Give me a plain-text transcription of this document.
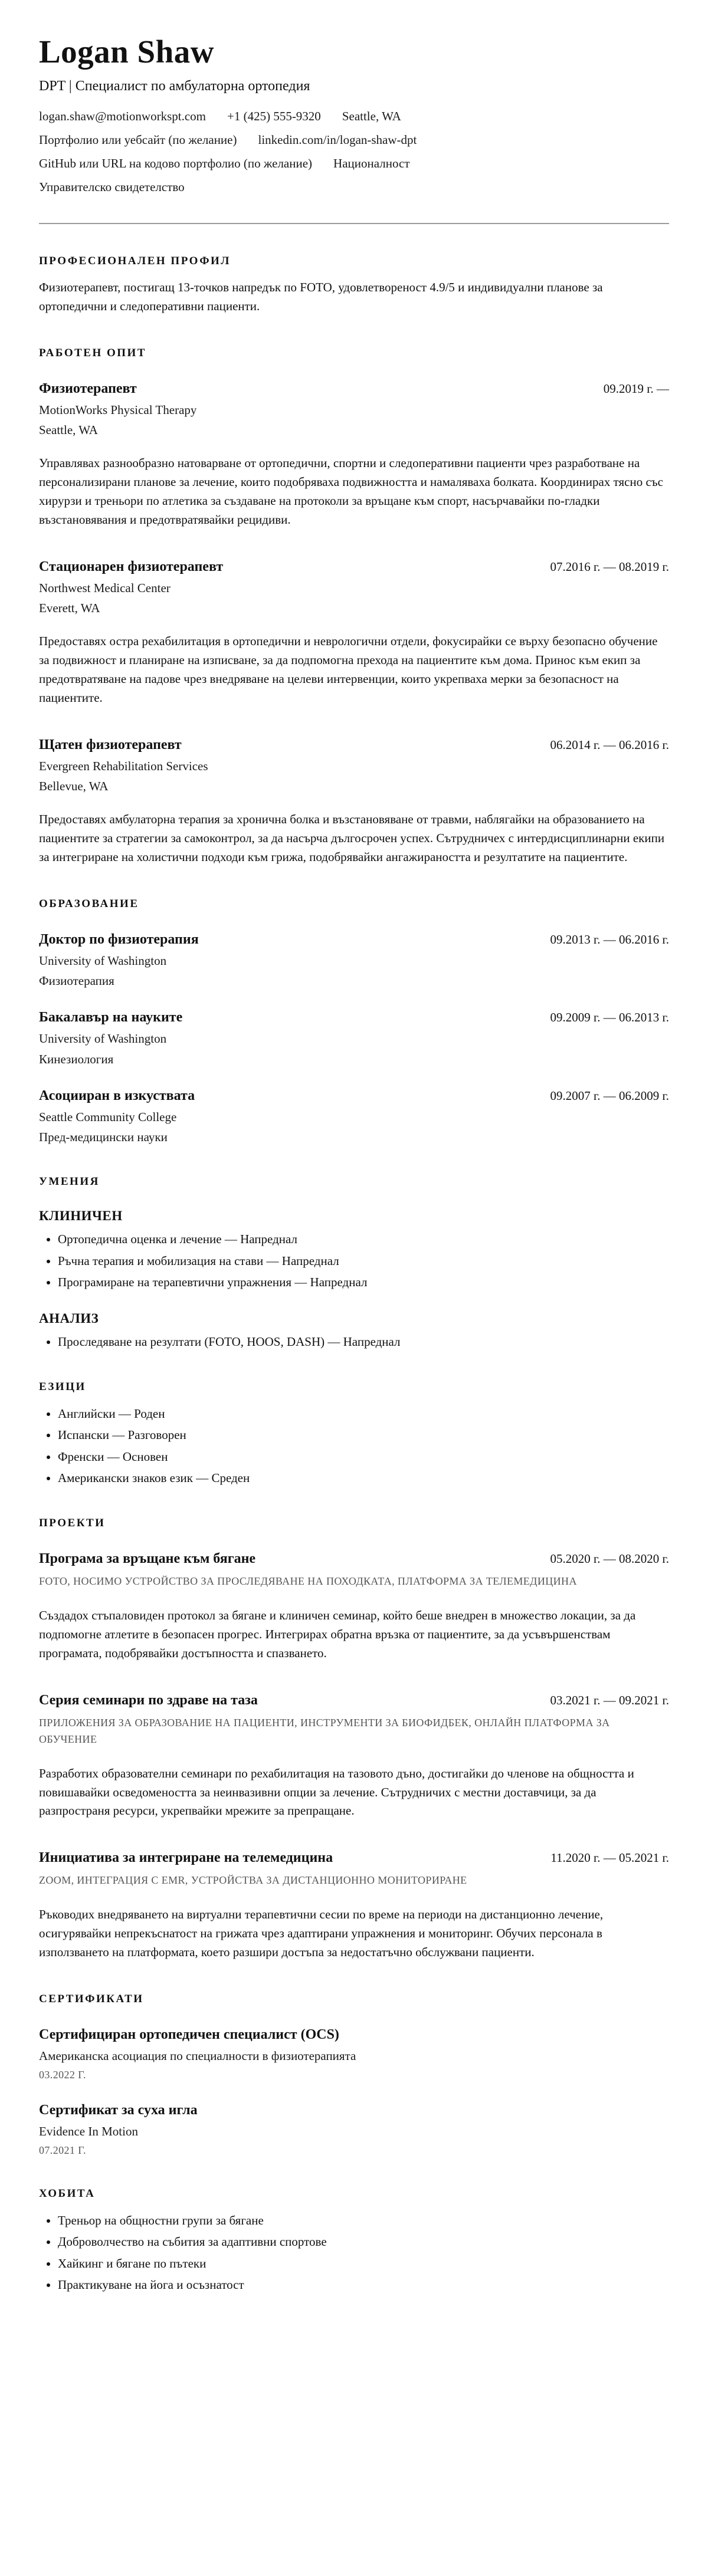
Logan Shaw
DPT | Специалист по амбулаторна ортопедия
logan.shaw@motionworkspt.com +1 (425) 555-9320 Seattle, WA
Портфолио или уебсайт (по желание) linkedin.com/in/logan-shaw-dpt
GitHub или URL на кодово портфолио (по желание) Националност
Управителско свидетелство
ПРОФЕСИОНАЛЕН ПРОФИЛ

Физиотерапевт, постигащ 13-точков напредък по FOTO, удовлетвореност 4.9/5 и индивидуални планове за ортопедични и следоперативни пациенти.

РАБОТЕН ОПИТ
Физиотерапевт	09.2019 г. —
MotionWorks Physical Therapy
Seattle, WA

Управлявах разнообразно натоварване от ортопедични, спортни и следоперативни пациенти чрез разработване на персонализирани планове за лечение, които подобряваха подвижността и намаляваха болката. Координирах тясно със хирурзи и треньори по атлетика за създаване на протоколи за връщане към спорт, насърчавайки по-гладки възстановявания и предотвратявайки рецидиви.

Стационарен физиотерапевт	07.2016 г. — 08.2019 г.
Northwest Medical Center
Everett, WA

Предоставях остра рехабилитация в ортопедични и неврологични отдели, фокусирайки се върху безопасно обучение за подвижност и планиране на изписване, за да подпомогна прехода на пациентите към дома. Принос към екип за предотвратяване на падове чрез внедряване на целеви интервенции, които укрепваха мерки за безопасност на пациентите.

Щатен физиотерапевт	06.2014 г. — 06.2016 г.
Evergreen Rehabilitation Services
Bellevue, WA

Предоставях амбулаторна терапия за хронична болка и възстановяване от травми, наблягайки на образованието на пациентите за стратегии за самоконтрол, за да насърча дългосрочен успех. Сътрудничех с интердисциплинарни екипи за интегриране на холистични подходи към грижа, подобрявайки ангажираността и резултатите на пациентите.

ОБРАЗОВАНИЕ
Доктор по физиотерапия	09.2013 г. — 06.2016 г.
University of Washington
Физиотерапия
Бакалавър на науките	09.2009 г. — 06.2013 г.
University of Washington
Кинезиология
Асоцииран в изкуствата	09.2007 г. — 06.2009 г.
Seattle Community College
Пред-медицински науки
УМЕНИЯ
КЛИНИЧЕН
• Ортопедична оценка и лечение — Напреднал
• Ръчна терапия и мобилизация на стави — Напреднал
• Програмиране на терапевтични упражнения — Напреднал
АНАЛИЗ
• Проследяване на резултати (FOTO, HOOS, DASH) — Напреднал
ЕЗИЦИ
• Английски — Роден
• Испански — Разговорен
• Френски — Основен
• Американски знаков език — Среден
ПРОЕКТИ
Програма за връщане към бягане	05.2020 г. — 08.2020 г.
FOTO, НОСИМО УСТРОЙСТВО ЗА ПРОСЛЕДЯВАНЕ НА ПОХОДКАТА, ПЛАТФОРМА ЗА ТЕЛЕМЕДИЦИНА

Създадох стъпаловиден протокол за бягане и клиничен семинар, който беше внедрен в множество локации, за да подпомогне атлетите в безопасен прогрес. Интегрирах обратна връзка от пациентите, за да усъвършенствам програмата, подобрявайки достъпността и спазването.

Серия семинари по здраве на таза	03.2021 г. — 09.2021 г.
ПРИЛОЖЕНИЯ ЗА ОБРАЗОВАНИЕ НА ПАЦИЕНТИ, ИНСТРУМЕНТИ ЗА БИОФИДБЕК, ОНЛАЙН ПЛАТФОРМА ЗА ОБУЧЕНИЕ

Разработих образователни семинари по рехабилитация на тазовото дъно, достигайки до членове на общността и повишавайки осведомеността за неинвазивни опции за лечение. Сътрудничих с местни доставчици, за да разпространя ресурси, укрепвайки мрежите за препращане.

Инициатива за интегриране на телемедицина	11.2020 г. — 05.2021 г.
ZOOM, ИНТЕГРАЦИЯ С EMR, УСТРОЙСТВА ЗА ДИСТАНЦИОННО МОНИТОРИРАНЕ

Ръководих внедряването на виртуални терапевтични сесии по време на периоди на дистанционно лечение, осигурявайки непрекъснатост на грижата чрез адаптирани упражнения и мониторинг. Обучих персонала в използването на платформата, което разшири достъпа за недостатъчно обслужвани пациенти.

СЕРТИФИКАТИ
Сертифициран ортопедичен специалист (OCS)
Американска асоциация по специалности в физиотерапията
03.2022 Г.
Сертификат за суха игла
Evidence In Motion
07.2021 Г.
ХОБИТА
• Треньор на общностни групи за бягане
• Доброволчество на събития за адаптивни спортове
• Хайкинг и бягане по пътеки
• Практикуване на йога и осъзнатост
